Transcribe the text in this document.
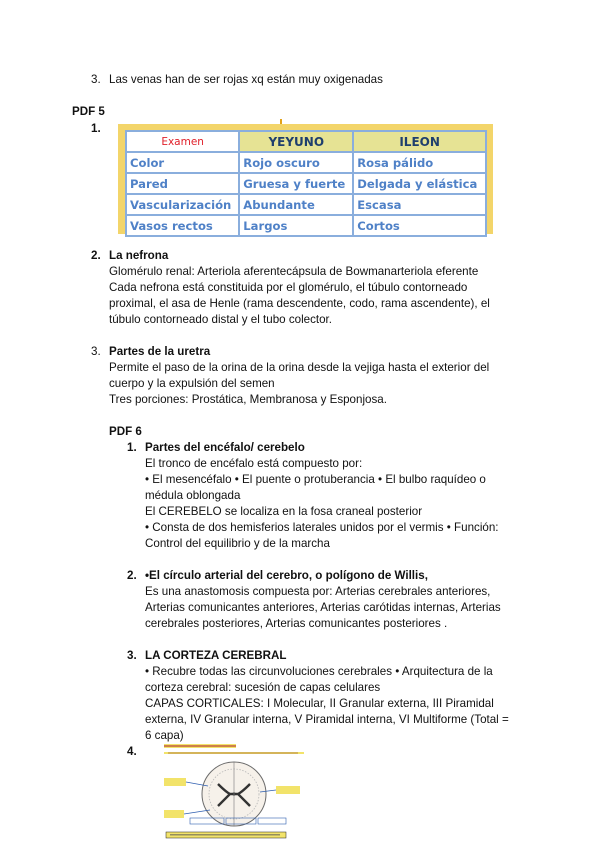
3. Las venas han de ser rojas xq están muy oxigenadas
PDF 5
1.
Examen	YEYUNO	ILEON
Color	Rojo oscuro	Rosa pálido
Pared	Gruesa y fuerte	Delgada y elástica
Vascularización	Abundante	Escasa
Vasos rectos	Largos	Cortos
2. La nefrona
Glomérulo renal: Arteriola aferentecápsula de Bowmanarteriola eferente
Cada nefrona está constituida por el glomérulo, el túbulo contorneado
proximal, el asa de Henle (rama descendente, codo, rama ascendente), el
túbulo contorneado distal y el tubo colector.
3. Partes de la uretra
Permite el paso de la orina de la orina desde la vejiga hasta el exterior del
cuerpo y la expulsión del semen
Tres porciones: Prostática, Membranosa y Esponjosa.
PDF 6
1. Partes del encéfalo/ cerebelo
El tronco de encéfalo está compuesto por:
• El mesencéfalo • El puente o protuberancia • El bulbo raquídeo o
médula oblongada
El CEREBELO se localiza en la fosa craneal posterior
• Consta de dos hemisferios laterales unidos por el vermis • Función:
Control del equilibrio y de la marcha
2. •El círculo arterial del cerebro, o polígono de Willis,
Es una anastomosis compuesta por: Arterias cerebrales anteriores,
Arterias comunicantes anteriores, Arterias carótidas internas, Arterias
cerebrales posteriores, Arterias comunicantes posteriores .
3. LA CORTEZA CEREBRAL
• Recubre todas las circunvoluciones cerebrales • Arquitectura de la
corteza cerebral: sucesión de capas celulares
CAPAS CORTICALES: I Molecular, II Granular externa, III Piramidal
externa, IV Granular interna, V Piramidal interna, VI Multiforme (Total =
6 capa)
4.
